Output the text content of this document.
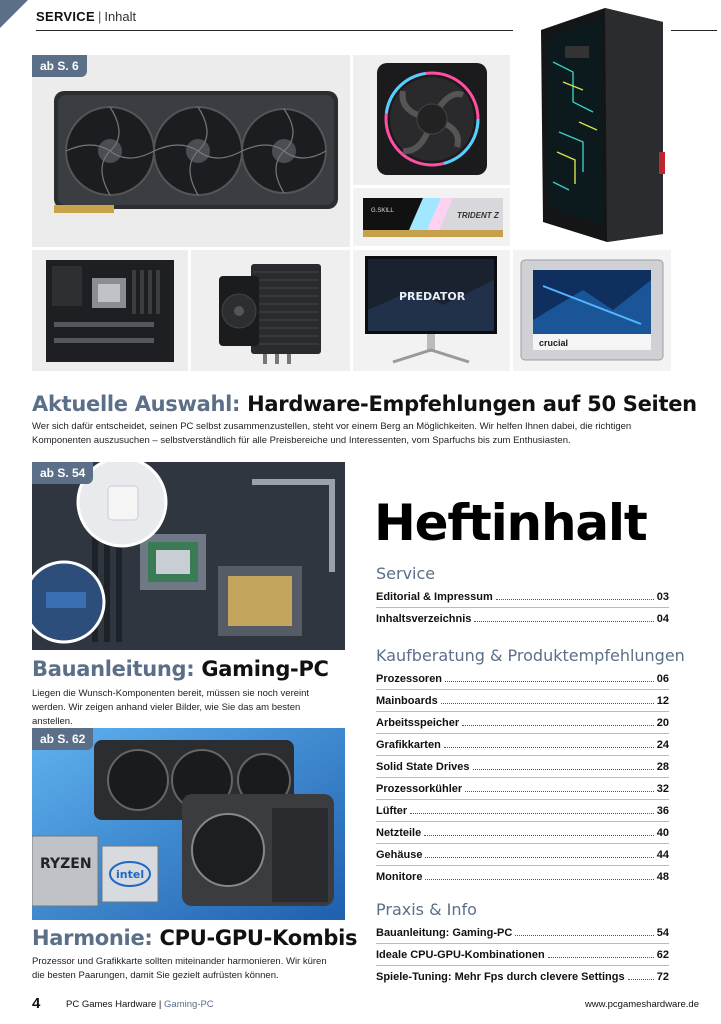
SERVICE | Inhalt
ab S. 6
G.SKILL	TRIDENT Z
PREDATOR
crucial
Aktuelle Auswahl: Hardware-Empfehlungen auf 50 Seiten
Wer sich dafür entscheidet, seinen PC selbst zusammenzustellen, steht vor einem Berg an Möglichkeiten. Wir helfen Ihnen dabei, die richtigen Komponenten auszusuchen – selbstverständlich für alle Preisbereiche und Interessenten, vom Sparfuchs bis zum Enthusiasten.
ab S. 54
Bauanleitung: Gaming-PC
Liegen die Wunsch-Komponenten bereit, müssen sie noch vereint werden. Wir zeigen anhand vieler Bilder, wie Sie das am besten anstellen.
RYZEN
intel
ab S. 62
Harmonie: CPU-GPU-Kombis
Prozessor und Grafikkarte sollten miteinander harmonieren. Wir küren die besten Paarungen, damit Sie gezielt aufrüsten können.
Heftinhalt
Service
Editorial & Impressum	03
Inhaltsverzeichnis	04
Kaufberatung & Produktempfehlungen
Prozessoren	06
Mainboards	12
Arbeitsspeicher	20
Grafikkarten	24
Solid State Drives	28
Prozessorkühler	32
Lüfter	36
Netzteile	40
Gehäuse	44
Monitore	48
Praxis & Info
Bauanleitung: Gaming-PC	54
Ideale CPU-GPU-Kombinationen	62
Spiele-Tuning: Mehr Fps durch clevere Settings	72
4	PC Games Hardware | Gaming-PC	www.pcgameshardware.de
